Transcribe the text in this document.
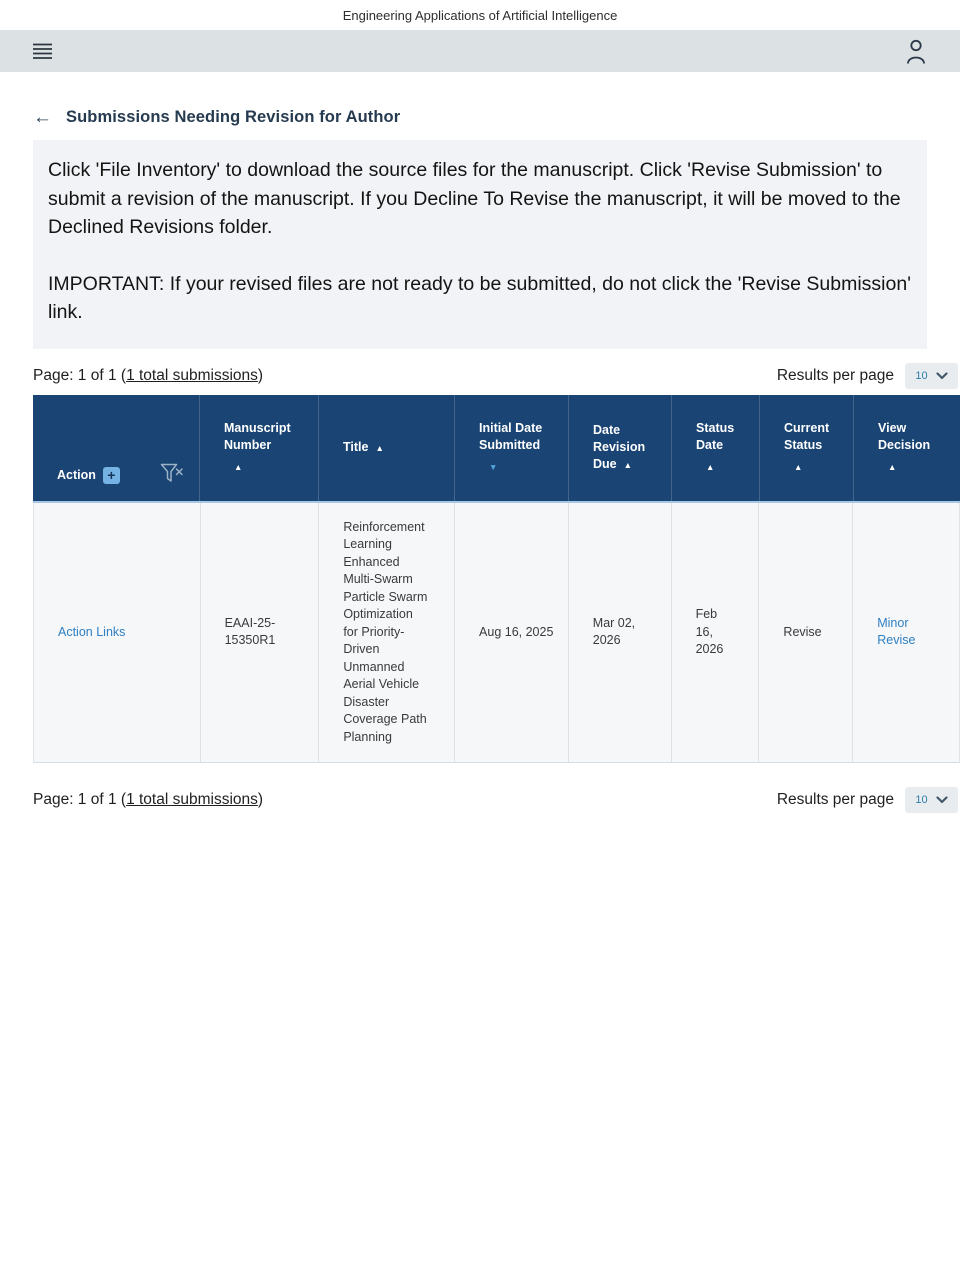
Engineering Applications of Artificial Intelligence
← Submissions Needing Revision for Author

Click 'File Inventory' to download the source files for the manuscript. Click 'Revise Submission' to submit a revision of the manuscript. If you Decline To Revise the manuscript, it will be moved to the Declined Revisions folder.

IMPORTANT: If your revised files are not ready to be submitted, do not click the 'Revise Submission' link.

Page: 1 of 1 (1 total submissions)	Results per page 10
Action +
Manuscript Number
▲
Title ▲
Initial Date Submitted
▼
Date Revision Due ▲
Status Date
▲
Current Status
▲
View Decision
▲
Action Links
EAAI-25-15350R1
Reinforcement Learning Enhanced Multi-Swarm Particle Swarm Optimization for Priority-Driven Unmanned Aerial Vehicle Disaster Coverage Path Planning
Aug 16, 2025
Mar 02, 2026
Feb 16, 2026
Revise
Minor Revise
Page: 1 of 1 (1 total submissions)	Results per page 10
